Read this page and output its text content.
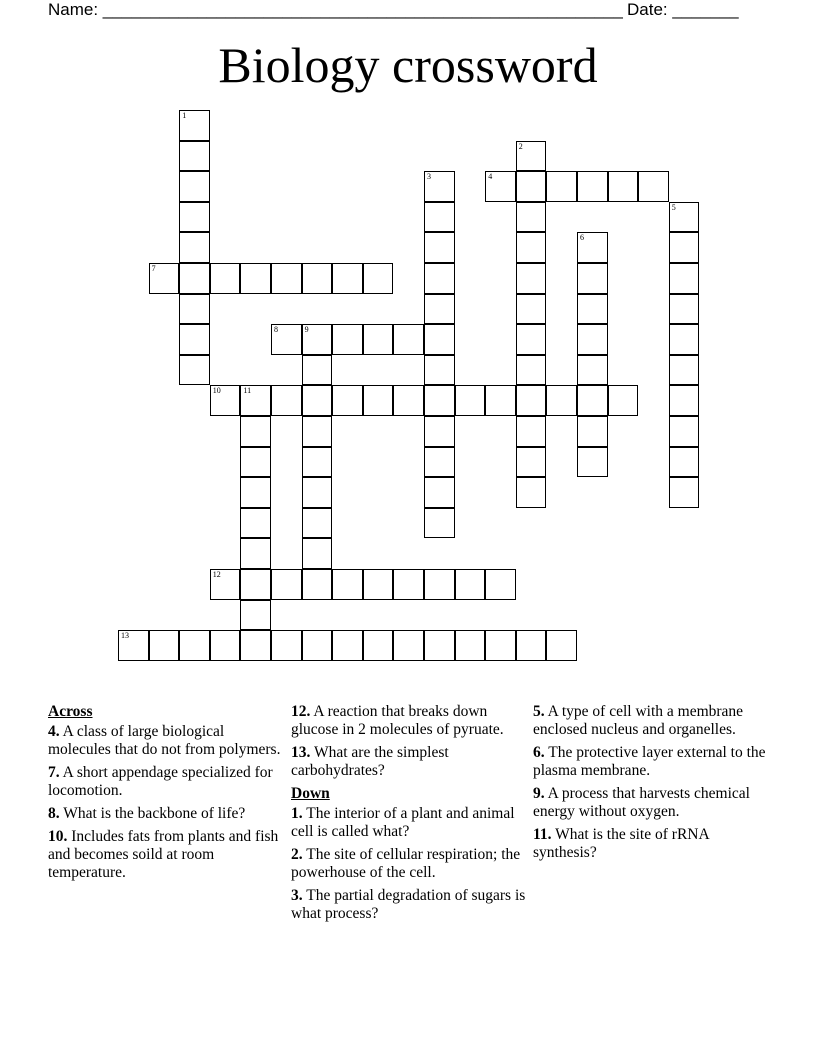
Name: _______________________________________________________ Date: _______
Biology crossword
1
2
3	4
5
6
7
8	9
10	11
12
13
Across
4. A class of large biological molecules that do not from polymers.
7. A short appendage specialized for locomotion.
8. What is the backbone of life?
10. Includes fats from plants and fish and becomes soild at room temperature.
12. A reaction that breaks down glucose in 2 molecules of pyruate.
13. What are the simplest carbohydrates?
Down
1. The interior of a plant and animal cell is called what?
2. The site of cellular respiration; the powerhouse of the cell.
3. The partial degradation of sugars is what process?
5. A type of cell with a membrane enclosed nucleus and organelles.
6. The protective layer external to the plasma membrane.
9. A process that harvests chemical energy without oxygen.
11. What is the site of rRNA synthesis?
